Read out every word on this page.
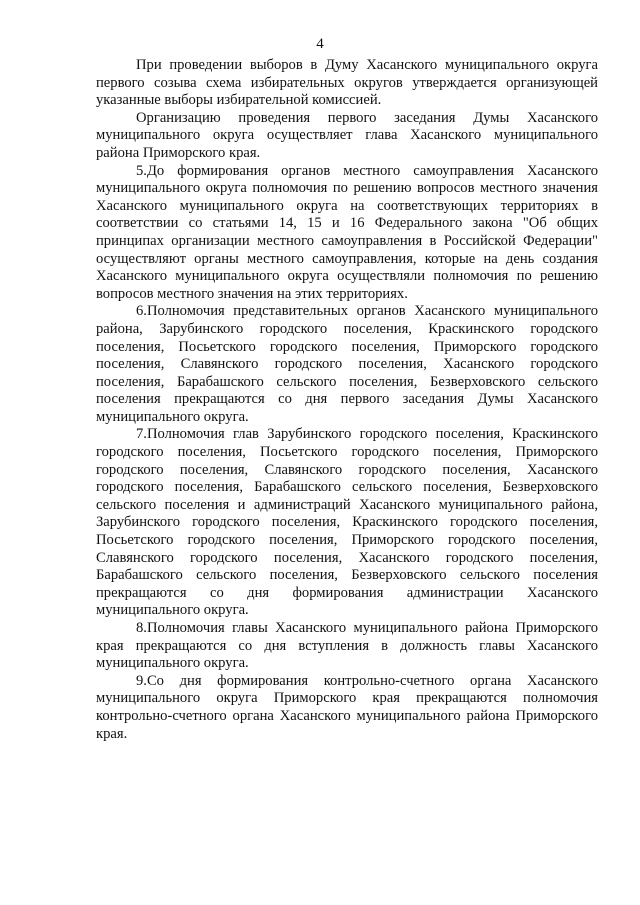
4

При проведении выборов в Думу Хасанского муниципального округа первого созыва схема избирательных округов утверждается организующей указанные выборы избирательной комиссией.

Организацию проведения первого заседания Думы Хасанского муниципального округа осуществляет глава Хасанского муниципального района Приморского края.

5.До формирования органов местного самоуправления Хасанского муниципального округа полномочия по решению вопросов местного значения Хасанского муниципального округа на соответствующих территориях в соответствии со статьями 14, 15 и 16 Федерального закона "Об общих принципах организации местного самоуправления в Российской Федерации" осуществляют органы местного самоуправления, которые на день создания Хасанского муниципального округа осуществляли полномочия по решению вопросов местного значения на этих территориях.

6.Полномочия представительных органов Хасанского муниципального района, Зарубинского городского поселения, Краскинского городского поселения, Посьетского городского поселения, Приморского городского поселения, Славянского городского поселения, Хасанского городского поселения, Барабашского сельского поселения, Безверховского сельского поселения прекращаются со дня первого заседания Думы Хасанского муниципального округа.

7.Полномочия глав Зарубинского городского поселения, Краскинского городского поселения, Посьетского городского поселения, Приморского городского поселения, Славянского городского поселения, Хасанского городского поселения, Барабашского сельского поселения, Безверховского сельского поселения и администраций Хасанского муниципального района, Зарубинского городского поселения, Краскинского городского поселения, Посьетского городского поселения, Приморского городского поселения, Славянского городского поселения, Хасанского городского поселения, Барабашского сельского поселения, Безверховского сельского поселения прекращаются со дня формирования администрации Хасанского муниципального округа.

8.Полномочия главы Хасанского муниципального района Приморского края прекращаются со дня вступления в должность главы Хасанского муниципального округа.

9.Со дня формирования контрольно-счетного органа Хасанского муниципального округа Приморского края прекращаются полномочия контрольно-счетного органа Хасанского муниципального района Приморского края.
